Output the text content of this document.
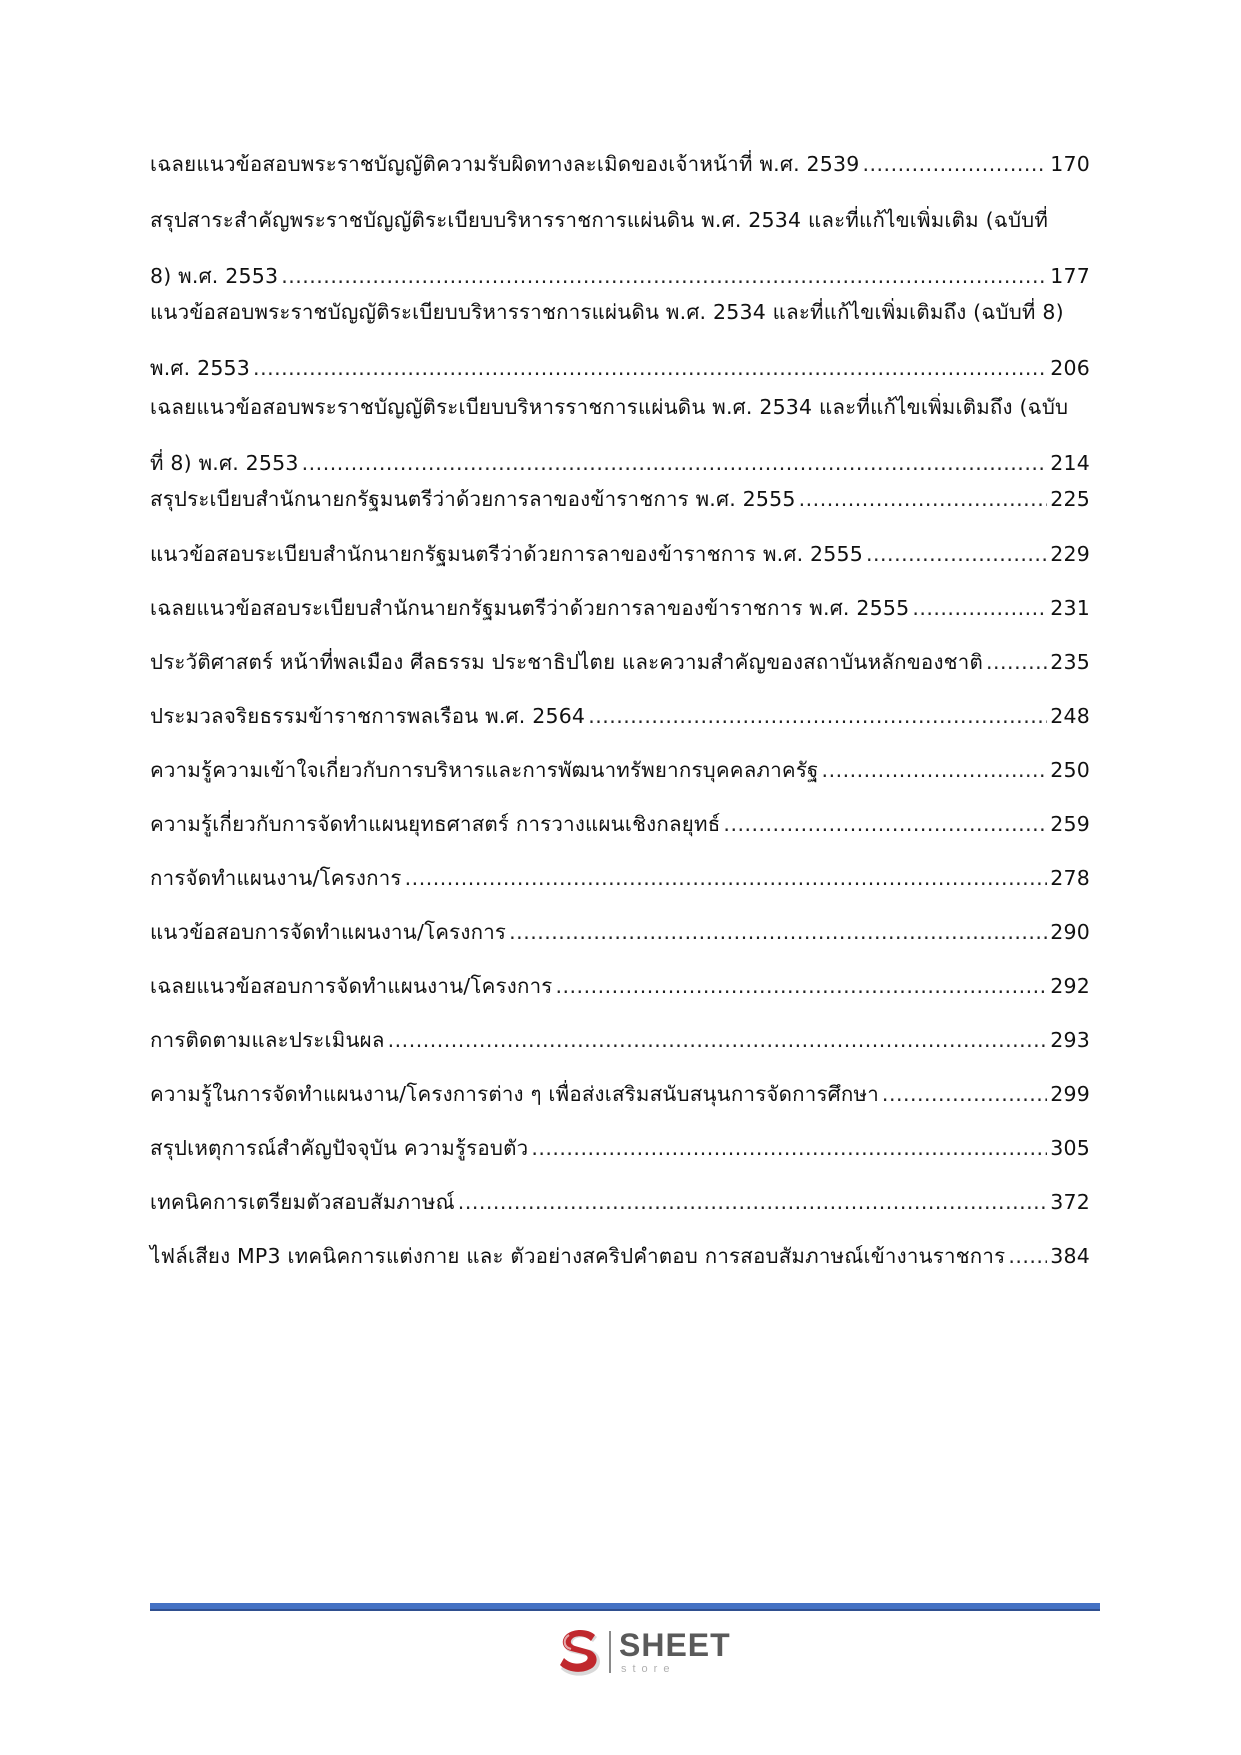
เฉลยแนวข้อสอบพระราชบัญญัติความรับผิดทางละเมิดของเจ้าหน้าที่ พ.ศ. 2539 .....	170
สรุปสาระสำคัญพระราชบัญญัติระเบียบบริหารราชการแผ่นดิน พ.ศ. 2534 และที่แก้ไขเพิ่มเติม (ฉบับที่
8) พ.ศ. 2553 .....	177
แนวข้อสอบพระราชบัญญัติระเบียบบริหารราชการแผ่นดิน พ.ศ. 2534 และที่แก้ไขเพิ่มเติมถึง (ฉบับที่ 8)
พ.ศ. 2553 .....	206
เฉลยแนวข้อสอบพระราชบัญญัติระเบียบบริหารราชการแผ่นดิน พ.ศ. 2534 และที่แก้ไขเพิ่มเติมถึง (ฉบับ
ที่ 8) พ.ศ. 2553 .....	214
สรุประเบียบสำนักนายกรัฐมนตรีว่าด้วยการลาของข้าราชการ พ.ศ. 2555 .....	225
แนวข้อสอบระเบียบสำนักนายกรัฐมนตรีว่าด้วยการลาของข้าราชการ พ.ศ. 2555 .....	229
เฉลยแนวข้อสอบระเบียบสำนักนายกรัฐมนตรีว่าด้วยการลาของข้าราชการ พ.ศ. 2555 .....	231
ประวัติศาสตร์ หน้าที่พลเมือง ศีลธรรม ประชาธิปไตย และความสำคัญของสถาบันหลักของชาติ .....	235
ประมวลจริยธรรมข้าราชการพลเรือน พ.ศ. 2564 .....	248
ความรู้ความเข้าใจเกี่ยวกับการบริหารและการพัฒนาทรัพยากรบุคคลภาครัฐ .....	250
ความรู้เกี่ยวกับการจัดทำแผนยุทธศาสตร์ การวางแผนเชิงกลยุทธ์ .....	259
การจัดทำแผนงาน/โครงการ .....	278
แนวข้อสอบการจัดทำแผนงาน/โครงการ .....	290
เฉลยแนวข้อสอบการจัดทำแผนงาน/โครงการ .....	292
การติดตามและประเมินผล .....	293
ความรู้ในการจัดทำแผนงาน/โครงการต่าง ๆ เพื่อส่งเสริมสนับสนุนการจัดการศึกษา .....	299
สรุปเหตุการณ์สำคัญปัจจุบัน ความรู้รอบตัว .....	305
เทคนิคการเตรียมตัวสอบสัมภาษณ์ .....	372
ไฟล์เสียง MP3 เทคนิคการแต่งกาย และ ตัวอย่างสคริปคำตอบ การสอบสัมภาษณ์เข้างานราชการ ..... 384
SHEET
store
